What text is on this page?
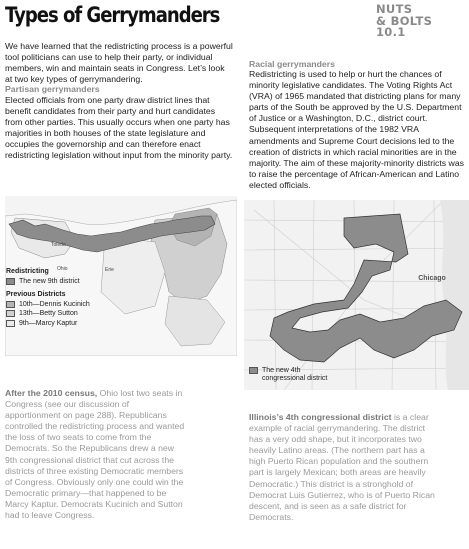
Types of Gerrymanders	NUTS
& BOLTS
10.1
We have learned that the redistricting process is a powerful tool politicians can use to help their party, or individual members, win and maintain seats in Congress. Let’s look at two key types of gerrymandering.
Partisan gerrymanders
Elected officials from one party draw district lines that benefit candidates from their party and hurt candidates from other parties. This usually occurs when one party has majorities in both houses of the state legislature and occupies the governorship and can therefore enact redistricting legislation without input from the minority party.
Racial gerrymanders
Redistricting is used to help or hurt the chances of minority legislative candidates. The Voting Rights Act (VRA) of 1965 mandated that districting plans for many parts of the South be approved by the U.S. Department of Justice or a Washington, D.C., district court. Subsequent interpretations of the 1982 VRA amendments and Supreme Court decisions led to the creation of districts in which racial minorities are in the majority. The aim of these majority-minority districts was to raise the percentage of African-American and Latino elected officials.
Ohio
Toledo
Erie
Redistricting
The new 9th district
Previous Districts
10th—Dennis Kucinich
13th—Betty Sutton
9th—Marcy Kaptur
Chicago
The new 4th
congressional district
After the 2010 census, Ohio lost two seats in Congress (see our discussion of apportionment on page 288). Republicans controlled the redistricting process and wanted the loss of two seats to come from the Democrats. So the Republicans drew a new 9th congressional district that cut across the districts of three existing Democratic members of Congress. Obviously only one could win the Democratic primary—that happened to be Marcy Kaptur. Democrats Kucinich and Sutton had to leave Congress.
Illinois’s 4th congressional district is a clear example of racial gerrymandering. The district has a very odd shape, but it incorporates two heavily Latino areas. (The northern part has a high Puerto Rican population and the southern part is largely Mexican; both areas are heavily Democratic.) This district is a stronghold of Democrat Luis Gutierrez, who is of Puerto Rican descent, and is seen as a safe district for Democrats.
